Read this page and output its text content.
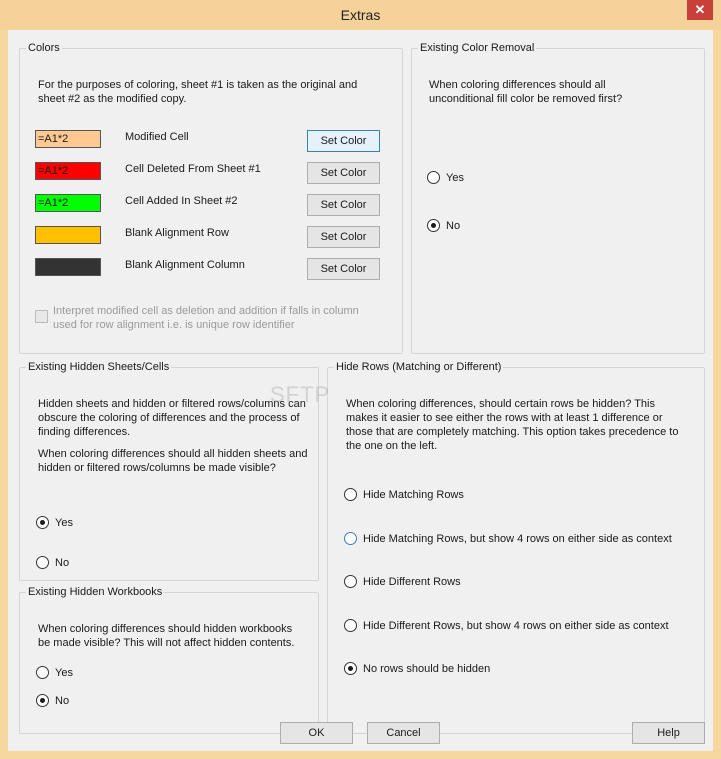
Extras	✕
Colors
For the purposes of coloring, sheet #1 is taken as the original and sheet #2 as the modified copy.
=A1*2	Modified Cell	Set Color
=A1*2	Cell Deleted From Sheet #1	Set Color
=A1*2	Cell Added In Sheet #2	Set Color
Blank Alignment Row	Set Color
Blank Alignment Column	Set Color
Interpret modified cell as deletion and addition if falls in column used for row alignment i.e. is unique row identifier
Existing Color Removal
When coloring differences should all unconditional fill color be removed first?
Yes
No
Existing Hidden Sheets/Cells
Hidden sheets and hidden or filtered rows/columns can obscure the coloring of differences and the process of finding differences.
When coloring differences should all hidden sheets and hidden or filtered rows/columns be made visible?
Yes
No
Existing Hidden Workbooks
When coloring differences should hidden workbooks be made visible? This will not affect hidden contents.
Yes
No
Hide Rows (Matching or Different)
When coloring differences, should certain rows be hidden? This makes it easier to see either the rows with at least 1 difference or those that are completely matching. This option takes precedence to the one on the left.
Hide Matching Rows
Hide Matching Rows, but show 4 rows on either side as context
Hide Different Rows
Hide Different Rows, but show 4 rows on either side as context
No rows should be hidden
SFTP
OK	Cancel	Help
